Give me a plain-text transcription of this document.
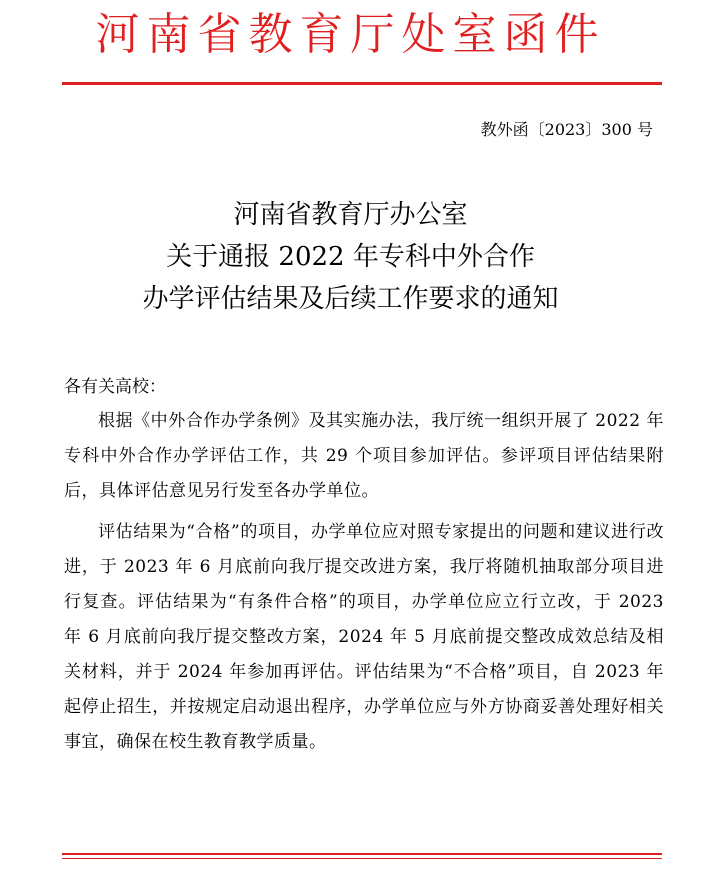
河南省教育厅处室函件
教外函〔2023〕300 号
河南省教育厅办公室
关于通报 2022 年专科中外合作
办学评估结果及后续工作要求的通知
各有关高校：

根据《中外合作办学条例》及其实施办法，我厅统一组织开展了 2022 年专科中外合作办学评估工作，共 29 个项目参加评估。参评项目评估结果附后，具体评估意见另行发至各办学单位。

评估结果为“合格”的项目，办学单位应对照专家提出的问题和建议进行改进，于 2023 年 6 月底前向我厅提交改进方案，我厅将随机抽取部分项目进行复查。评估结果为“有条件合格”的项目，办学单位应立行立改，于 2023 年 6 月底前向我厅提交整改方案，2024 年 5 月底前提交整改成效总结及相关材料，并于 2024 年参加再评估。评估结果为“不合格”项目，自 2023 年起停止招生，并按规定启动退出程序，办学单位应与外方协商妥善处理好相关事宜，确保在校生教育教学质量。
